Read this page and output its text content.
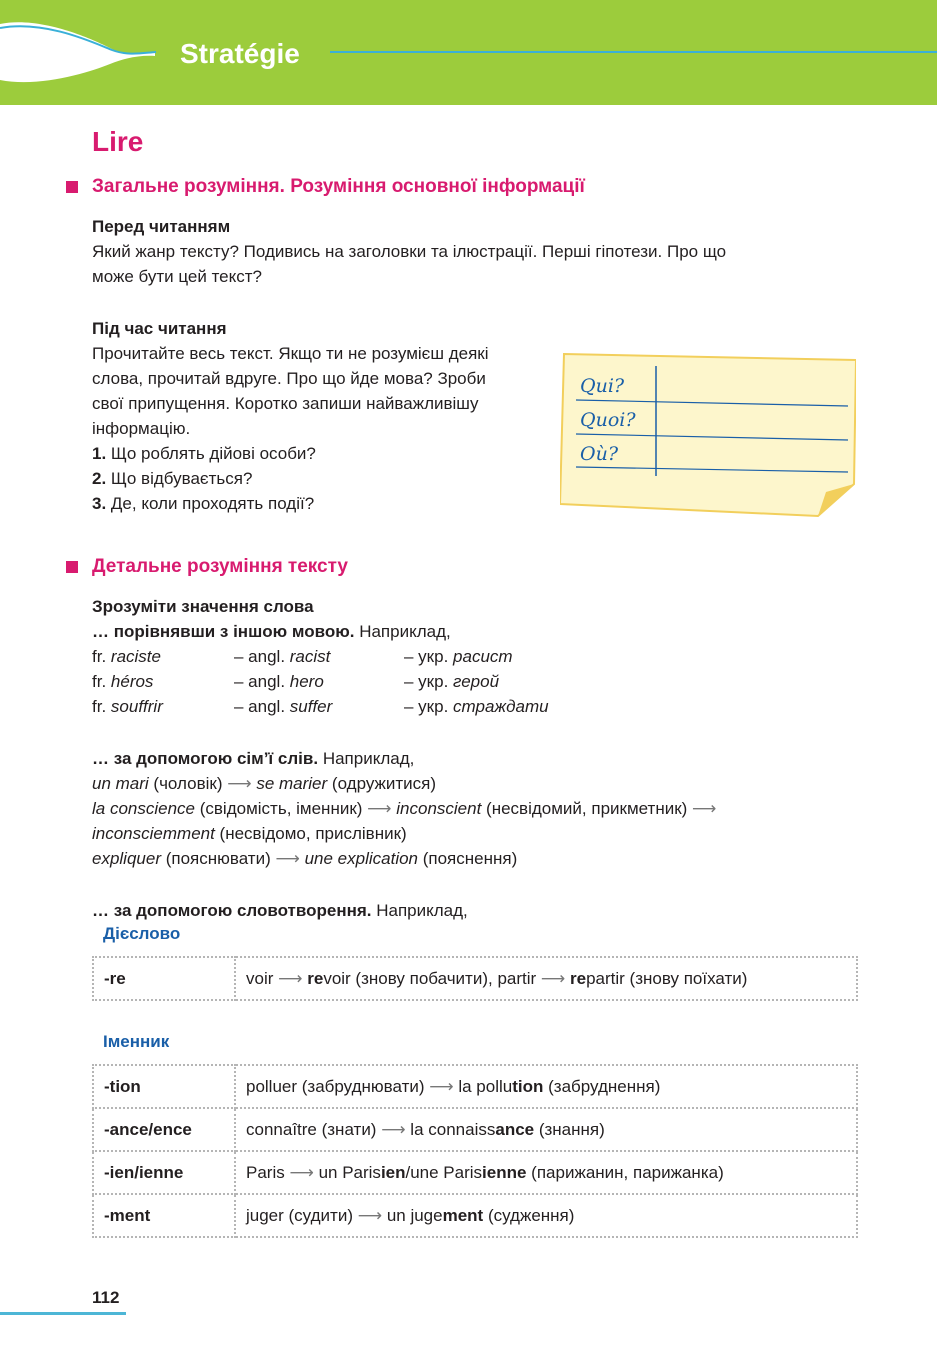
Stratégie
Lire
Загальне розуміння. Розуміння основної інформації
Перед читанням
Який жанр тексту? Подивись на заголовки та ілюстрації. Перші гіпотези. Про що
може бути цей текст?
Під час читання
Прочитайте весь текст. Якщо ти не розумієш деякі
слова, прочитай вдруге. Про що йде мова? Зроби
свої припущення. Коротко запиши найважливішу
інформацію.
1. Що роблять дійові особи?
2. Що відбувається?
3. Де, коли проходять події?
Qui?
Quoi?
Où?
Детальне розуміння тексту
Зрозуміти значення слова
… порівнявши з іншою мовою. Наприклад,
fr. raciste	– angl. racist	– укр. расист
fr. héros	– angl. hero	– укр. герой
fr. souffrir	– angl. suffer	– укр. страждати
… за допомогою сім’ї слів. Наприклад,
un mari (чоловік) ⟶ se marier (одружитися)
la conscience (свідомість, іменник) ⟶ inconscient (несвідомий, прикметник) ⟶
inconsciemment (несвідомо, прислівник)
expliquer (пояснювати) ⟶ une explication (пояснення)
… за допомогою словотворення. Наприклад,
Дієслово
-re	voir ⟶ revoir (знову побачити), partir ⟶ repartir (знову поїхати)
Іменник
-tion	polluer (забруднювати) ⟶ la pollution (забруднення)
-ance/ence	connaître (знати) ⟶ la connaissance (знання)
-ien/ienne	Paris ⟶ un Parisien/une Parisienne (парижанин, парижанка)
-ment	juger (судити) ⟶ un jugement (судження)
112
